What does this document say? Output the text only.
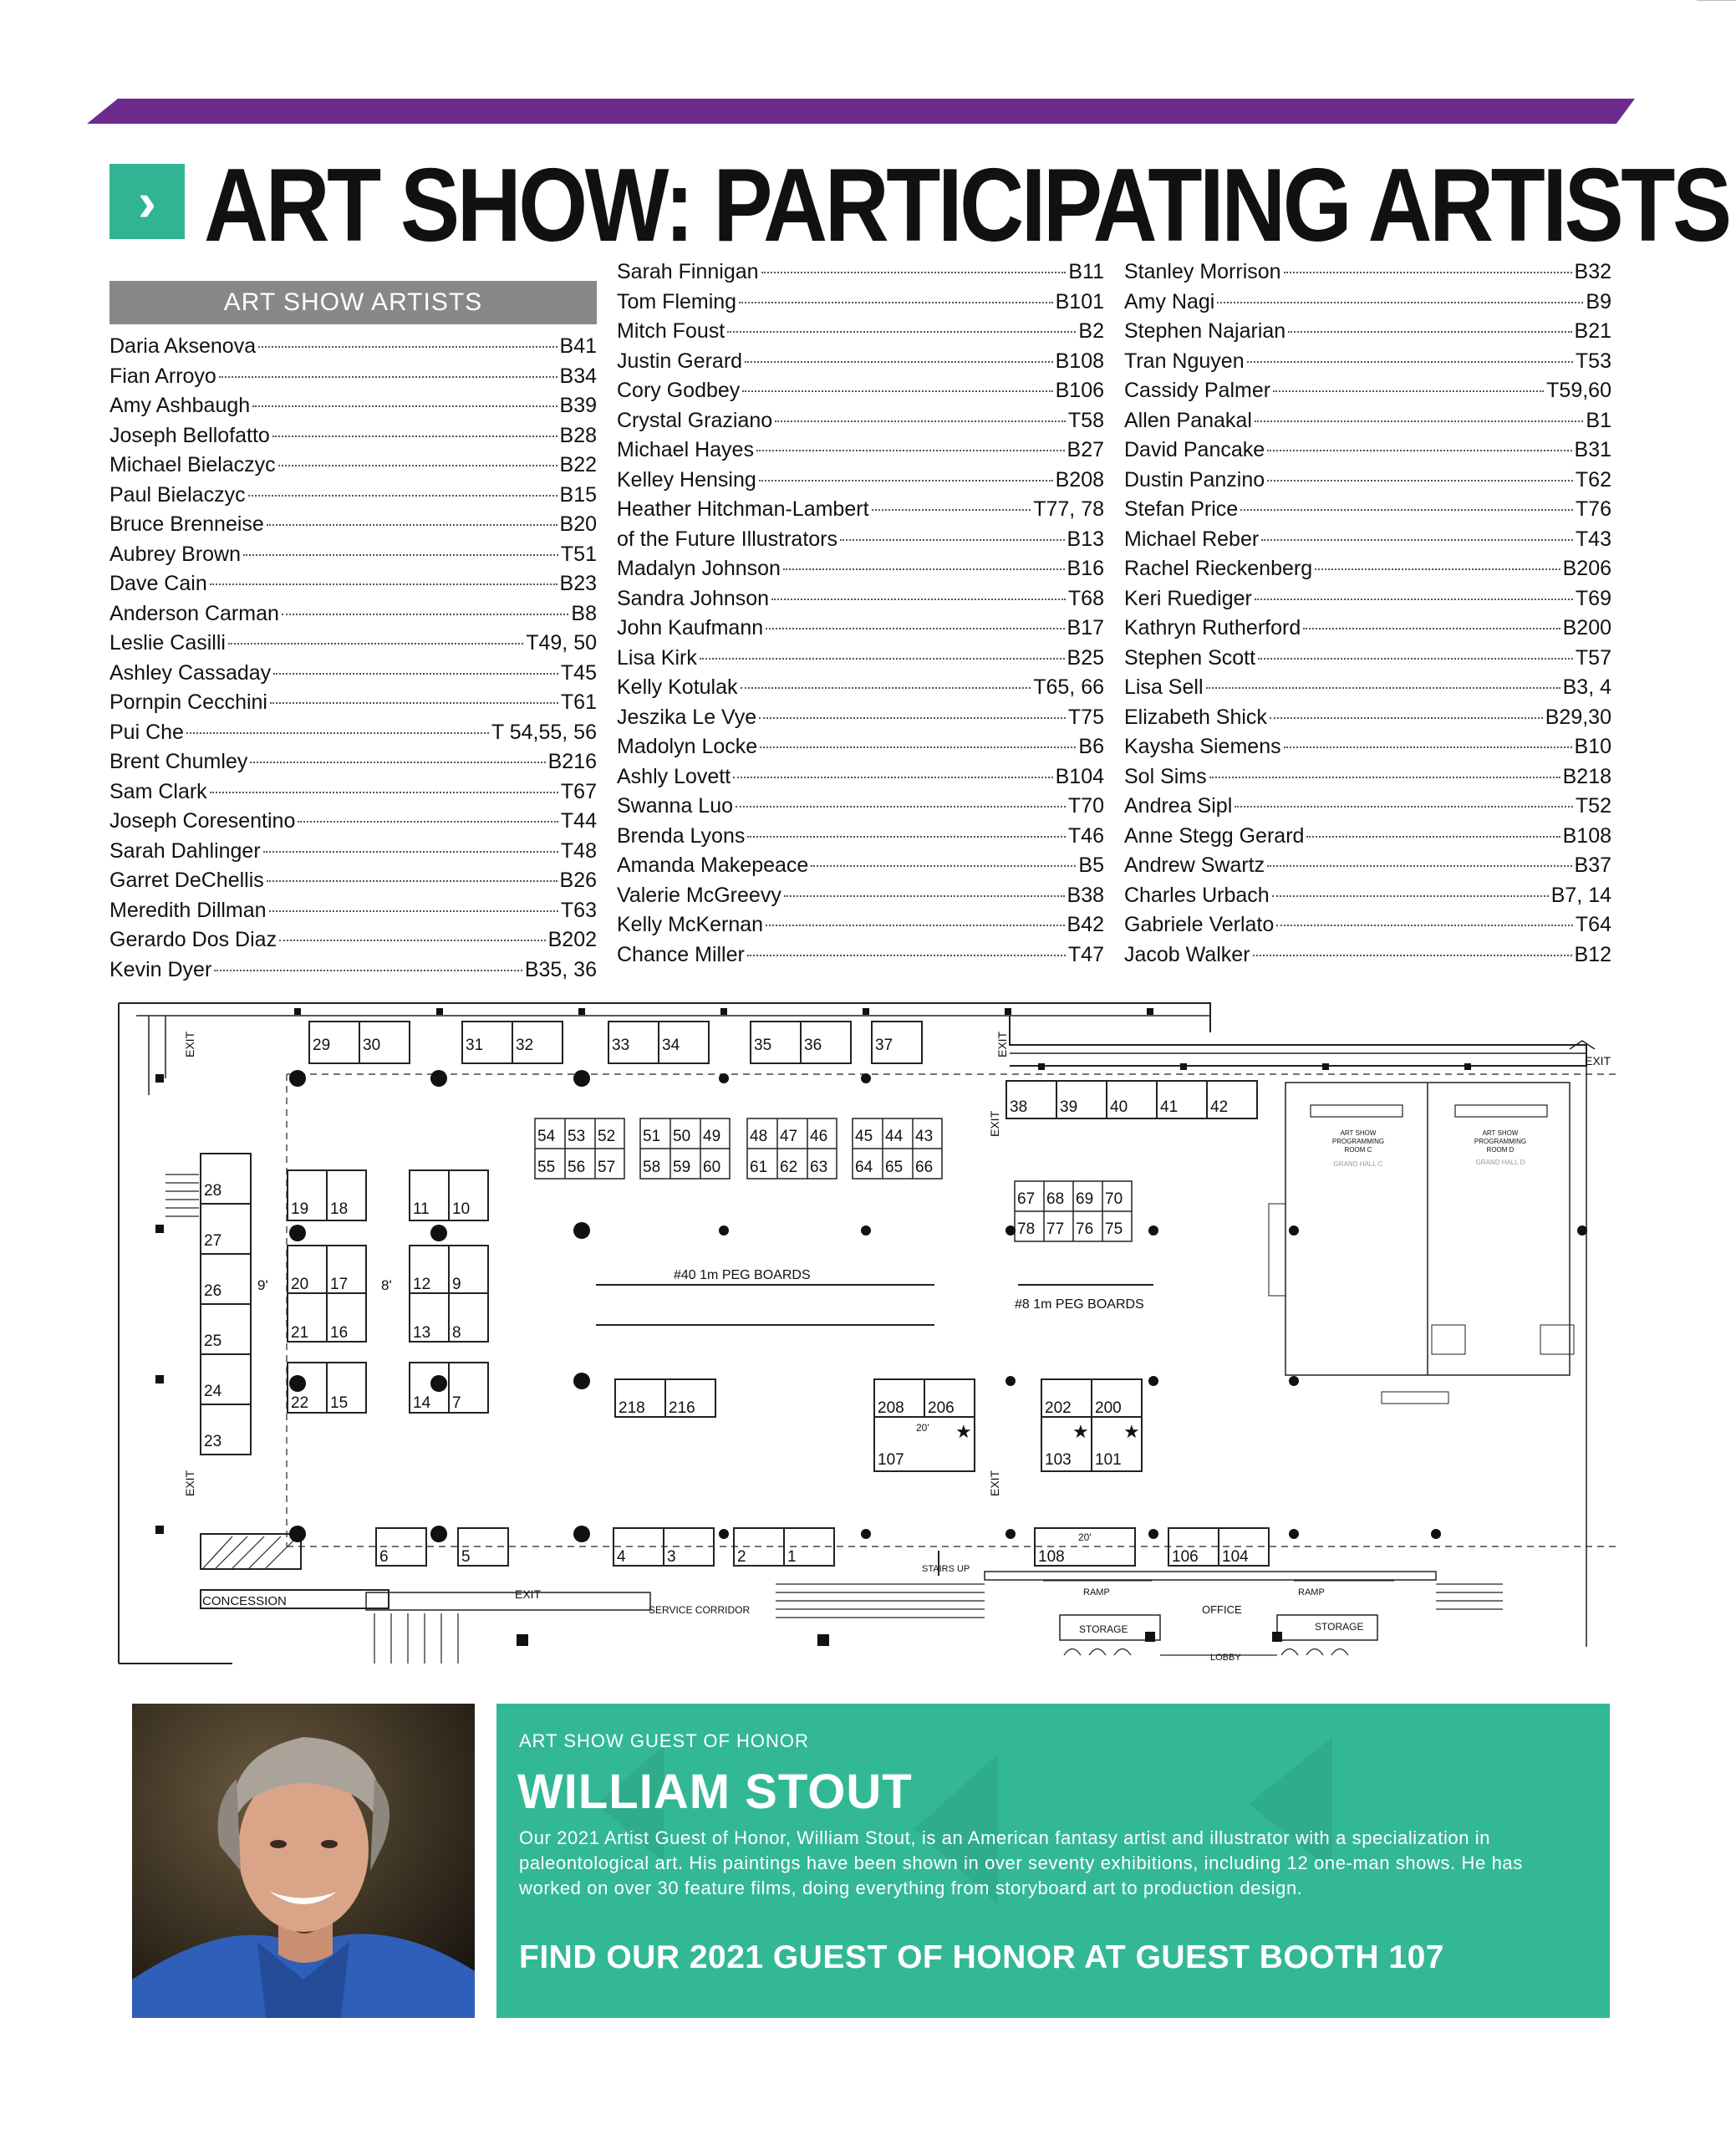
› ART SHOW: PARTICIPATING ARTISTS
ART SHOW ARTISTS
Daria Aksenova	B41
Fian Arroyo	B34
Amy Ashbaugh	B39
Joseph Bellofatto	B28
Michael Bielaczyc	B22
Paul Bielaczyc	B15
Bruce Brenneise	B20
Aubrey Brown	T51
Dave Cain	B23
Anderson Carman	B8
Leslie Casilli	T49, 50
Ashley Cassaday	T45
Pornpin Cecchini	T61
Pui Che	T 54,55, 56
Brent Chumley	B216
Sam Clark	T67
Joseph Coresentino	T44
Sarah Dahlinger	T48
Garret DeChellis	B26
Meredith Dillman	T63
Gerardo Dos Diaz	B202
Kevin Dyer	B35, 36
Sarah Finnigan	B11
Tom Fleming	B101
Mitch Foust	B2
Justin Gerard	B108
Cory Godbey	B106
Crystal Graziano	T58
Michael Hayes	B27
Kelley Hensing	B208
Heather Hitchman-Lambert	T77, 78
of the Future Illustrators	B13
Madalyn Johnson	B16
Sandra Johnson	T68
John Kaufmann	B17
Lisa Kirk	B25
Kelly Kotulak	T65, 66
Jeszika Le Vye	T75
Madolyn Locke	B6
Ashly Lovett	B104
Swanna Luo	T70
Brenda Lyons	T46
Amanda Makepeace	B5
Valerie McGreevy	B38
Kelly McKernan	B42
Chance Miller	T47
Stanley Morrison	B32
Amy Nagi	B9
Stephen Najarian	B21
Tran Nguyen	T53
Cassidy Palmer	T59,60
Allen Panakal	B1
David Pancake	B31
Dustin Panzino	T62
Stefan Price	T76
Michael Reber	T43
Rachel Rieckenberg	B206
Keri Ruediger	T69
Kathryn Rutherford	B200
Stephen Scott	T57
Lisa Sell	B3, 4
Elizabeth Shick	B29,30
Kaysha Siemens	B10
Sol Sims	B218
Andrea Sipl	T52
Anne Stegg Gerard	B108
Andrew Swartz	B37
Charles Urbach	B7, 14
Gabriele Verlato	T64
Jacob Walker	B12
29 30	31 32	33 34	35 36	37
38 39 40 41 42
54 53 52 51 50 49 48 47 46 45 44 43
55 56 57 58 59 60 61 62 63 64 65 66
67
78
68
77
69
76
70
75
28
27
26
25
24
23
19 18
20 17
21 16
22 15
11 10
12 9
13 8
14 7	218 216	208 206
107
202 200
103 101
6	5	4	3	2	1	108	106 104
EXIT
EXIT
EXIT
EXIT
EXIT
EXIT
EXIT
CONCESSION
SERVICE CORRIDOR
STAIRS UP
RAMP	RAMP
OFFICE
STORAGE	STORAGE
LOBBY
#40 1m PEG BOARDS
#8 1m PEG BOARDS
9'	8'
20'
20'
ART SHOW
PROGRAMMING
ROOM C
GRAND HALL C
ART SHOW
PROGRAMMING
ROOM D
GRAND HALL D
★	★ ★
ART SHOW GUEST OF HONOR
WILLIAM STOUT
Our 2021 Artist Guest of Honor, William Stout, is an American fantasy artist and illustrator with a specialization in paleontological art. His paintings have been shown in over seventy exhibitions, including 12 one-man shows. He has worked on over 30 feature films, doing everything from storyboard art to production design.
FIND OUR 2021 GUEST OF HONOR AT GUEST BOOTH 107
